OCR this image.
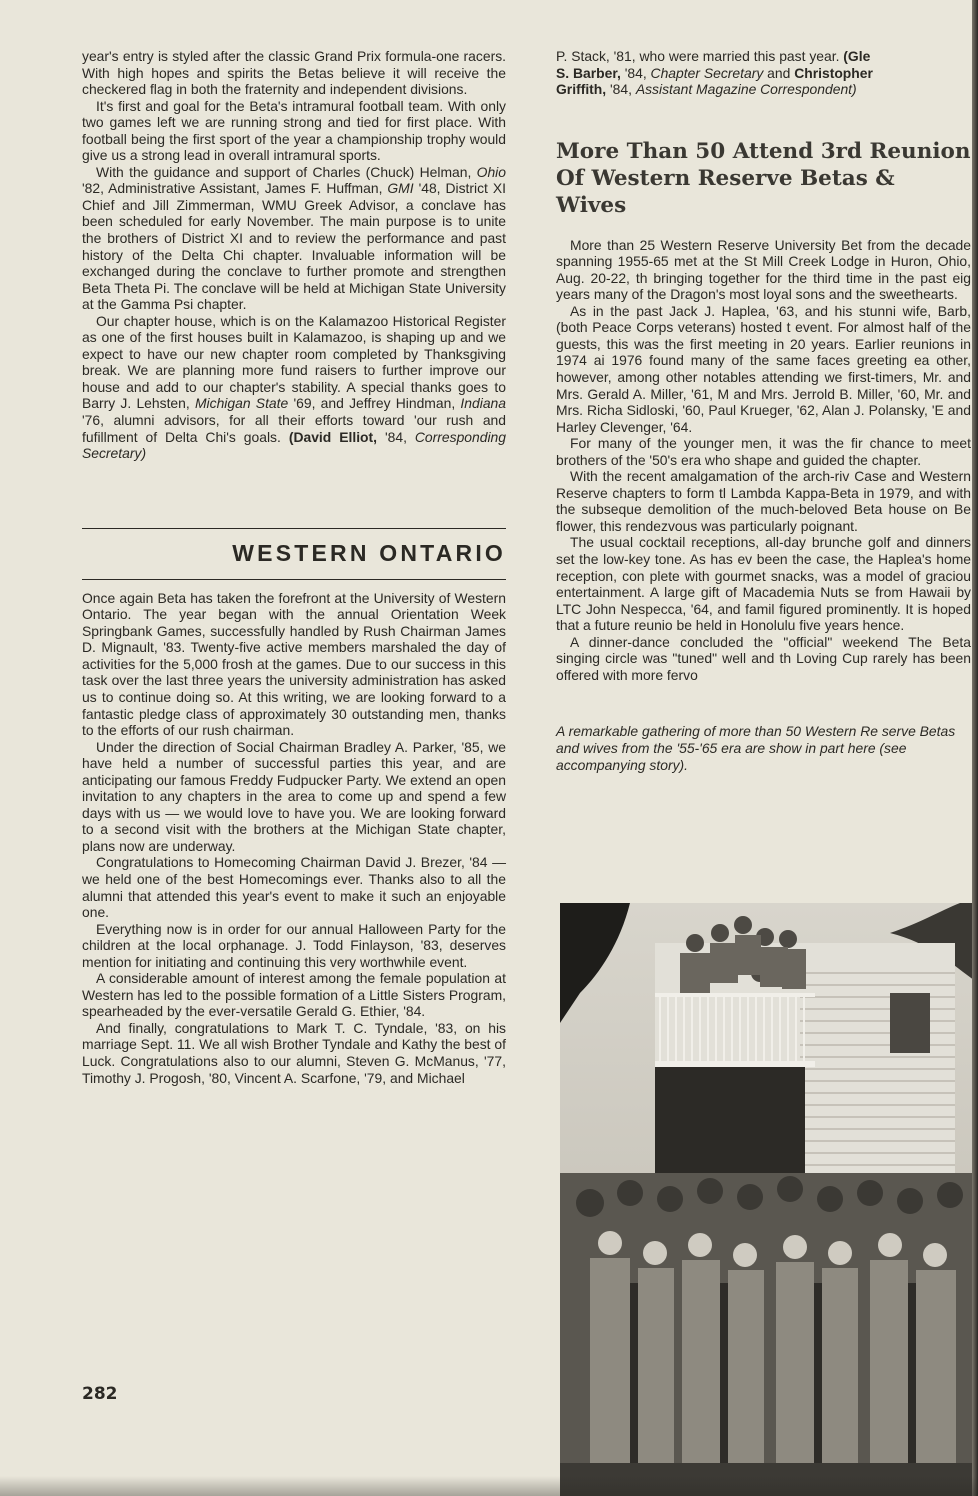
year's entry is styled after the classic Grand Prix formula-one racers. With high hopes and spirits the Betas believe it will receive the checkered flag in both the fraternity and independent divisions.

It's first and goal for the Beta's intramural football team. With only two games left we are running strong and tied for first place. With football being the first sport of the year a championship trophy would give us a strong lead in overall intramural sports.

With the guidance and support of Charles (Chuck) Helman, Ohio '82, Administrative Assistant, James F. Huffman, GMI '48, District XI Chief and Jill Zimmerman, WMU Greek Advisor, a conclave has been scheduled for early November. The main purpose is to unite the brothers of District XI and to review the performance and past history of the Delta Chi chapter. Invaluable information will be exchanged during the conclave to further promote and strengthen Beta Theta Pi. The conclave will be held at Michigan State University at the Gamma Psi chapter.

Our chapter house, which is on the Kalamazoo Historical Register as one of the first houses built in Kalamazoo, is shaping up and we expect to have our new chapter room completed by Thanksgiving break. We are planning more fund raisers to further improve our house and add to our chapter's stability. A special thanks goes to Barry J. Lehsten, Michigan State '69, and Jeffrey Hindman, Indiana '76, alumni advisors, for all their efforts toward 'our rush and fufillment of Delta Chi's goals. (David Elliot, '84, Corresponding Secretary)

WESTERN ONTARIO

Once again Beta has taken the forefront at the University of Western Ontario. The year began with the annual Orientation Week Springbank Games, successfully handled by Rush Chairman James D. Mignault, '83. Twenty-five active members marshaled the day of activities for the 5,000 frosh at the games. Due to our success in this task over the last three years the university administration has asked us to continue doing so. At this writing, we are looking forward to a fantastic pledge class of approximately 30 outstanding men, thanks to the efforts of our rush chairman.

Under the direction of Social Chairman Bradley A. Parker, '85, we have held a number of successful parties this year, and are anticipating our famous Freddy Fudpucker Party. We extend an open invitation to any chapters in the area to come up and spend a few days with us — we would love to have you. We are looking forward to a second visit with the brothers at the Michigan State chapter, plans now are underway.

Congratulations to Homecoming Chairman David J. Brezer, '84 — we held one of the best Homecomings ever. Thanks also to all the alumni that attended this year's event to make it such an enjoyable one.

Everything now is in order for our annual Halloween Party for the children at the local orphanage. J. Todd Finlayson, '83, deserves mention for initiating and continuing this very worthwhile event.

A considerable amount of interest among the female population at Western has led to the possible formation of a Little Sisters Program, spearheaded by the ever-versatile Gerald G. Ethier, '84.

And finally, congratulations to Mark T. C. Tyndale, '83, on his marriage Sept. 11. We all wish Brother Tyndale and Kathy the best of Luck. Congratulations also to our alumni, Steven G. McManus, '77, Timothy J. Progosh, '80, Vincent A. Scarfone, '79, and Michael

P. Stack, '81, who were married this past year. (Gle
S. Barber, '84, Chapter Secretary and Christopher
Griffith, '84, Assistant Magazine Correspondent)

More Than 50 Attend 3rd Reunion
Of Western Reserve Betas & Wives

More than 25 Western Reserve University Bet from the decade spanning 1955-65 met at the St Mill Creek Lodge in Huron, Ohio, Aug. 20-22, th bringing together for the third time in the past eig years many of the Dragon's most loyal sons and the sweethearts.

As in the past Jack J. Haplea, '63, and his stunni wife, Barb, (both Peace Corps veterans) hosted t event. For almost half of the guests, this was the first meeting in 20 years. Earlier reunions in 1974 ai 1976 found many of the same faces greeting ea other, however, among other notables attending we first-timers, Mr. and Mrs. Gerald A. Miller, '61, M and Mrs. Jerrold B. Miller, '60, Mr. and Mrs. Richa Sidloski, '60, Paul Krueger, '62, Alan J. Polansky, 'E and Harley Clevenger, '64.

For many of the younger men, it was the fir chance to meet brothers of the '50's era who shape and guided the chapter.

With the recent amalgamation of the arch-riv Case and Western Reserve chapters to form tl Lambda Kappa-Beta in 1979, and with the subseque demolition of the much-beloved Beta house on Be flower, this rendezvous was particularly poignant.

The usual cocktail receptions, all-day brunche golf and dinners set the low-key tone. As has ev been the case, the Haplea's home reception, con plete with gourmet snacks, was a model of graciou entertainment. A large gift of Macademia Nuts se from Hawaii by LTC John Nespecca, '64, and famil figured prominently. It is hoped that a future reunio be held in Honolulu five years hence.

A dinner-dance concluded the "official" weekend The Beta singing circle was "tuned" well and th Loving Cup rarely has been offered with more fervo

A remarkable gathering of more than 50 Western Re serve Betas and wives from the '55-'65 era are show in part here (see accompanying story).

282
